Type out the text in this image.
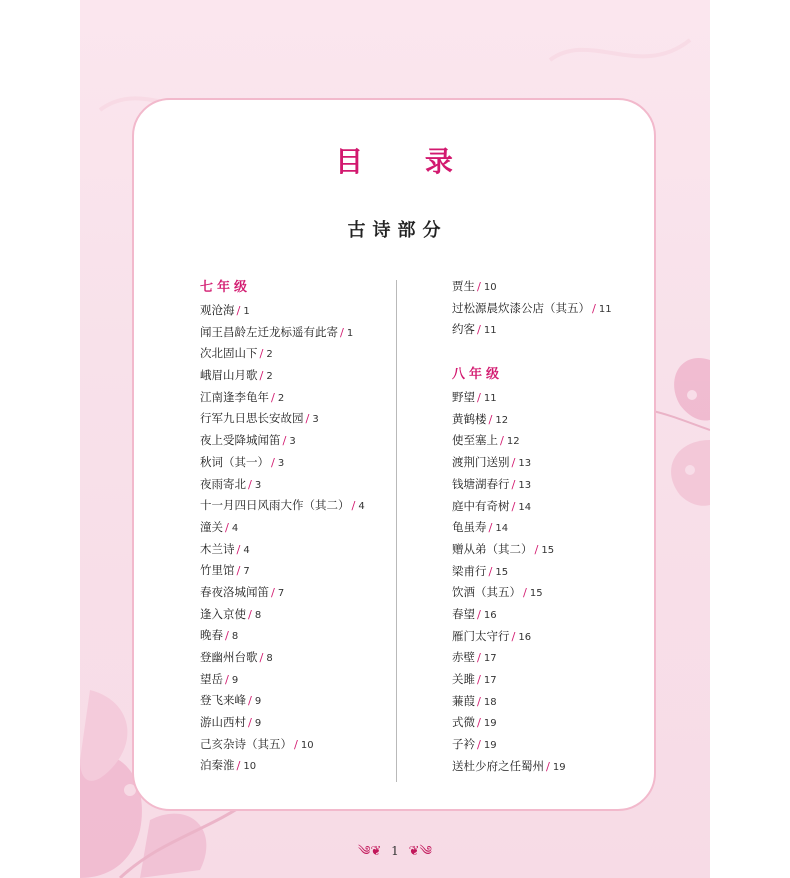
目 录
古诗部分
七年级
观沧海 / 1
闻王昌龄左迁龙标遥有此寄 / 1
次北固山下 / 2
峨眉山月歌 / 2
江南逢李龟年 / 2
行军九日思长安故园 / 3
夜上受降城闻笛 / 3
秋词（其一） / 3
夜雨寄北 / 3
十一月四日风雨大作（其二） / 4
潼关 / 4
木兰诗 / 4
竹里馆 / 7
春夜洛城闻笛 / 7
逢入京使 / 8
晚春 / 8
登幽州台歌 / 8
望岳 / 9
登飞来峰 / 9
游山西村 / 9
己亥杂诗（其五） / 10
泊秦淮 / 10
贾生 / 10
过松源晨炊漆公店（其五） / 11
约客 / 11
八年级
野望 / 11
黄鹤楼 / 12
使至塞上 / 12
渡荆门送别 / 13
钱塘湖春行 / 13
庭中有奇树 / 14
龟虽寿 / 14
赠从弟（其二） / 15
梁甫行 / 15
饮酒（其五） / 15
春望 / 16
雁门太守行 / 16
赤壁 / 17
关雎 / 17
蒹葭 / 18
式微 / 19
子衿 / 19
送杜少府之任蜀州 / 19
༄❦ 1 ❦༄
